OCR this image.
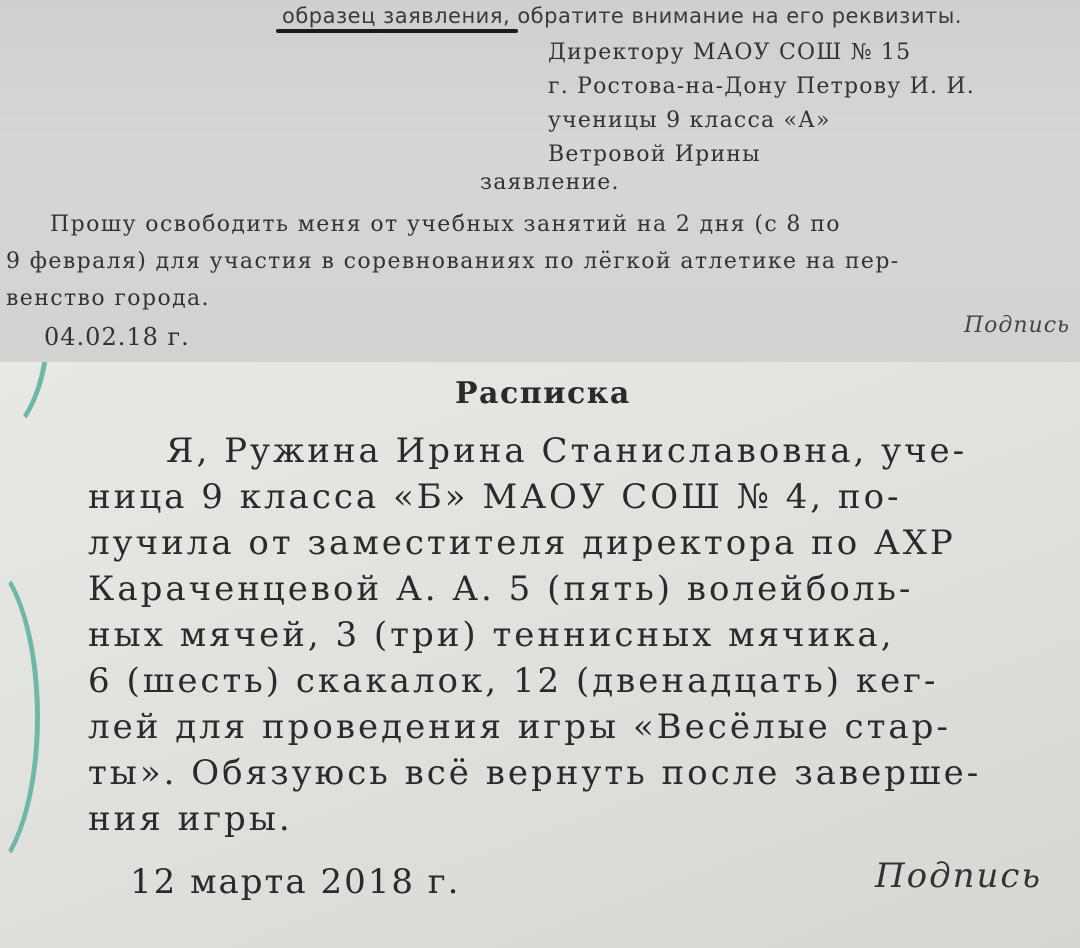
образец заявления, обратите внимание на его реквизиты.
Директору МАОУ СОШ № 15
г. Ростова-на-Дону Петрову И. И.
ученицы 9 класса «А»
Ветровой Ирины
заявление.
Прошу освободить меня от учебных занятий на 2 дня (с 8 по
9 февраля) для участия в соревнованиях по лёгкой атлетике на пер-
венство города.
04.02.18 г.	Подпись
Расписка
Я, Ружина Ирина Станиславовна, уче-
ница 9 класса «Б» МАОУ СОШ № 4, по-
лучила от заместителя директора по АХР
Караченцевой А. А. 5 (пять) волейболь-
ных мячей, 3 (три) теннисных мячика,
6 (шесть) скакалок, 12 (двенадцать) кег-
лей для проведения игры «Весёлые стар-
ты». Обязуюсь всё вернуть после заверше-
ния игры.
12 марта 2018 г.	Подпись
